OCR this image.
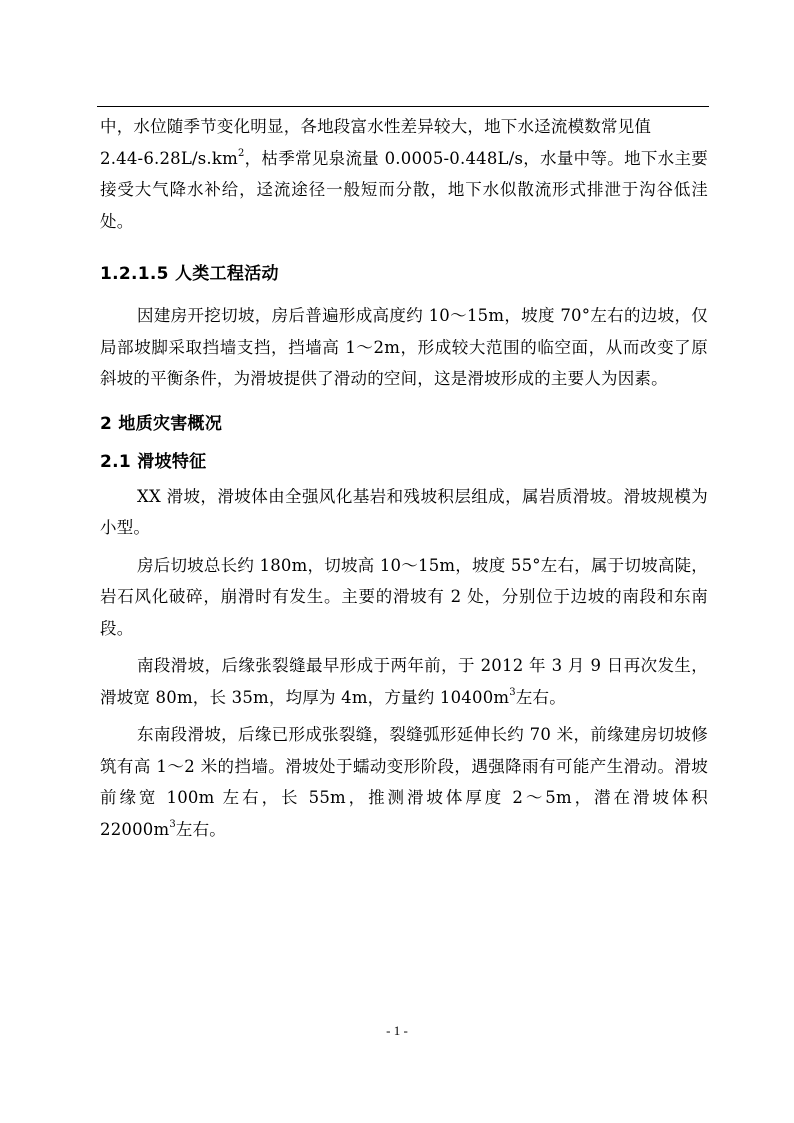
中，水位随季节变化明显，各地段富水性差异较大，地下水迳流模数常见值
$2.44-6.28L/s.km^2$，枯季常见泉流量 0.0005-0.448L/s，水量中等。地下水主要接受大气降水补给，迳流途径一般短而分散，地下水似散流形式排泄于沟谷低洼处。

1.2.1.5 人类工程活动

因建房开挖切坡，房后普遍形成高度约 10～15m，坡度 70°左右的边坡，仅局部坡脚采取挡墙支挡，挡墙高 1～2m，形成较大范围的临空面，从而改变了原斜坡的平衡条件，为滑坡提供了滑动的空间，这是滑坡形成的主要人为因素。

2 地质灾害概况
2.1 滑坡特征

XX 滑坡，滑坡体由全强风化基岩和残坡积层组成，属岩质滑坡。滑坡规模为小型。

房后切坡总长约 180m，切坡高 10～15m，坡度 55°左右，属于切坡高陡，岩石风化破碎，崩滑时有发生。主要的滑坡有 2 处，分别位于边坡的南段和东南段。

南段滑坡，后缘张裂缝最早形成于两年前，于 2012 年 3 月 9 日再次发生，滑坡宽 80m，长 35m，均厚为 4m，方量约 $10400m^3$左右。

东南段滑坡，后缘已形成张裂缝，裂缝弧形延伸长约 70 米，前缘建房切坡修筑有高 1～2 米的挡墙。滑坡处于蠕动变形阶段，遇强降雨有可能产生滑动。滑坡前缘宽 100m 左右，长 55m，推测滑坡体厚度 2～5m，潜在滑坡体积 $22000m^3$左右。

- 1 -
